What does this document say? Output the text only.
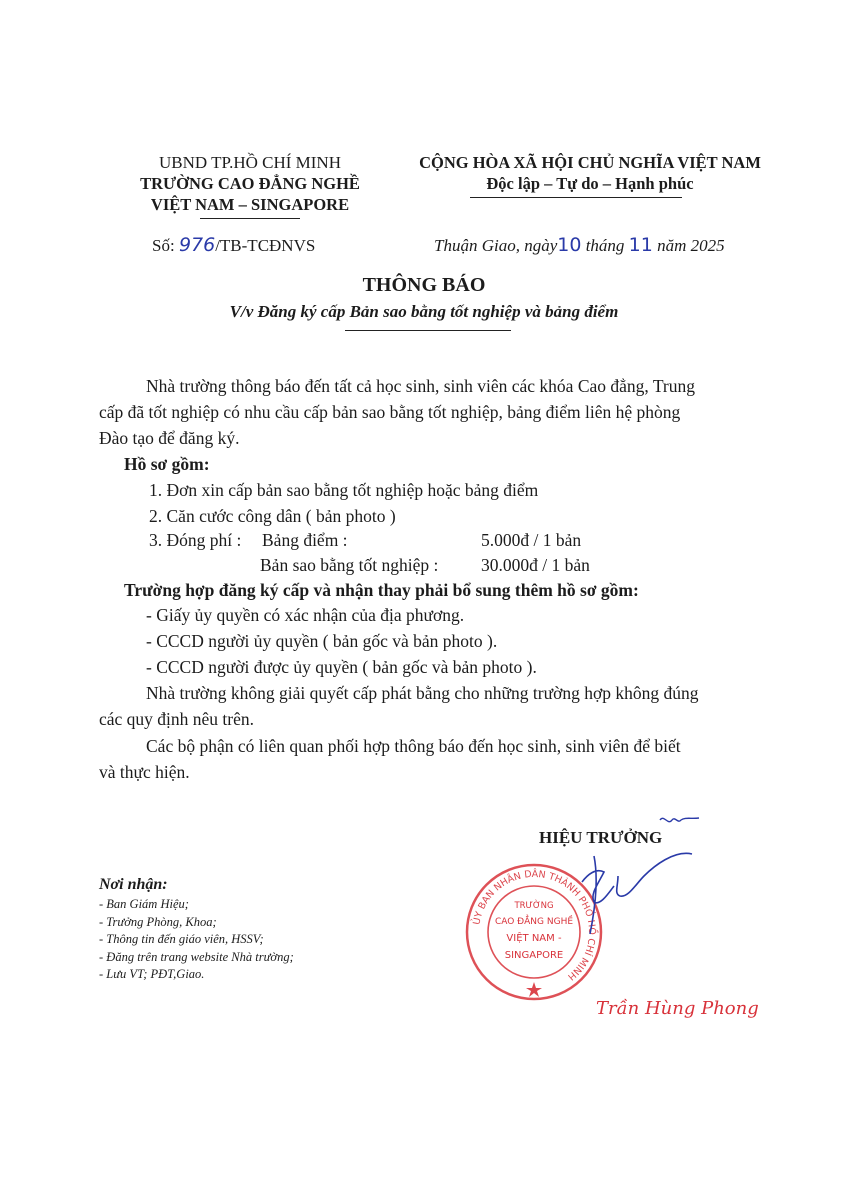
UBND TP.HỒ CHÍ MINH
TRƯỜNG CAO ĐẲNG NGHỀ
VIỆT NAM – SINGAPORE
CỘNG HÒA XÃ HỘI CHỦ NGHĨA VIỆT NAM
Độc lập – Tự do – Hạnh phúc
Số: 976/TB-TCĐNVS	Thuận Giao, ngày10 tháng 11 năm 2025
THÔNG BÁO
V/v Đăng ký cấp Bản sao bằng tốt nghiệp và bảng điểm
Nhà trường thông báo đến tất cả học sinh, sinh viên các khóa Cao đẳng, Trung
cấp đã tốt nghiệp có nhu cầu cấp bản sao bằng tốt nghiệp, bảng điểm liên hệ phòng
Đào tạo để đăng ký.
Hồ sơ gồm:
1. Đơn xin cấp bản sao bằng tốt nghiệp hoặc bảng điểm
2. Căn cước công dân ( bản photo )
3. Đóng phí : Bảng điểm :	5.000đ / 1 bản
Bản sao bằng tốt nghiệp : 30.000đ / 1 bản
Trường hợp đăng ký cấp và nhận thay phải bổ sung thêm hồ sơ gồm:
- Giấy ủy quyền có xác nhận của địa phương.
- CCCD người ủy quyền ( bản gốc và bản photo ).
- CCCD người được ủy quyền ( bản gốc và bản photo ).
Nhà trường không giải quyết cấp phát bằng cho những trường hợp không đúng
các quy định nêu trên.
Các bộ phận có liên quan phối hợp thông báo đến học sinh, sinh viên để biết
và thực hiện.
Nơi nhận:
- Ban Giám Hiệu;
- Trưởng Phòng, Khoa;
- Thông tin đến giáo viên, HSSV;
- Đăng trên trang website Nhà trường;
- Lưu VT; PĐT,Giao.
HIỆU TRƯỞNG
ỦY BAN NHÂN DÂN THÀNH PHỐ HỒ CHÍ MINH
TRƯỜNG
CAO ĐẲNG NGHỀ
VIỆT NAM -
SINGAPORE
Trần Hùng Phong
